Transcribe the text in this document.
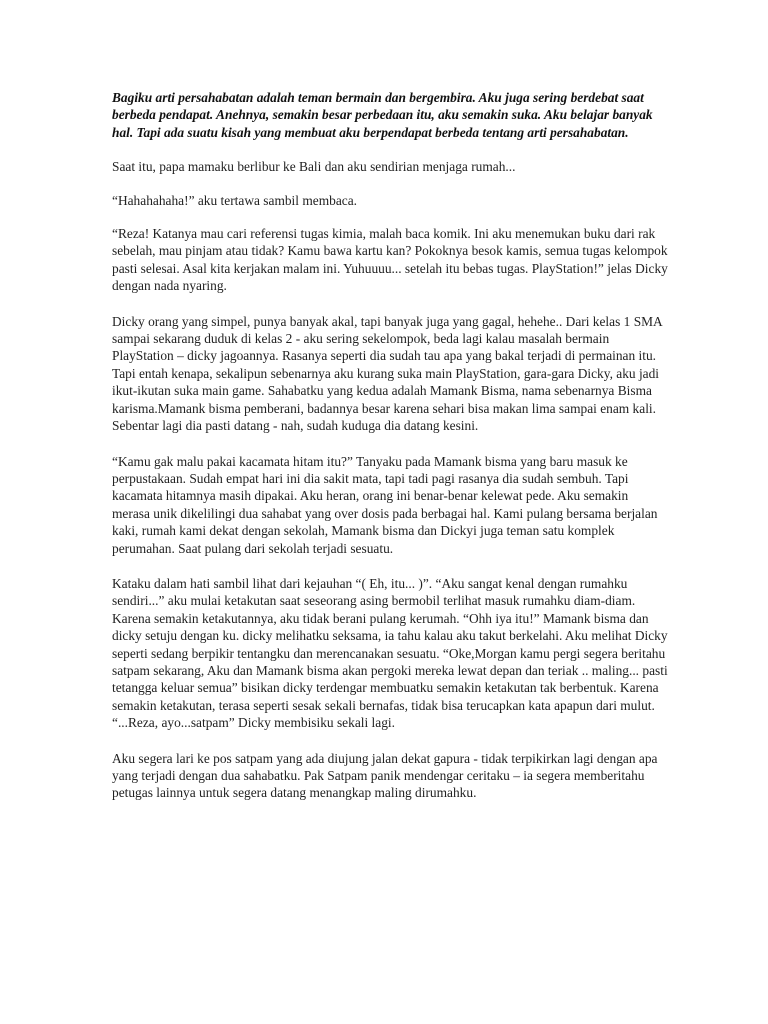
Bagiku arti persahabatan adalah teman bermain dan bergembira. Aku juga sering berdebat saat berbeda pendapat. Anehnya, semakin besar perbedaan itu, aku semakin suka. Aku belajar banyak hal. Tapi ada suatu kisah yang membuat aku berpendapat berbeda tentang arti persahabatan.

Saat itu, papa mamaku berlibur ke Bali dan aku sendirian menjaga rumah...

“Hahahahaha!” aku tertawa sambil membaca.

“Reza! Katanya mau cari referensi tugas kimia, malah baca komik. Ini aku menemukan buku dari rak sebelah, mau pinjam atau tidak? Kamu bawa kartu kan? Pokoknya besok kamis, semua tugas kelompok pasti selesai. Asal kita kerjakan malam ini. Yuhuuuu... setelah itu bebas tugas. PlayStation!” jelas Dicky dengan nada nyaring.

Dicky orang yang simpel, punya banyak akal, tapi banyak juga yang gagal, hehehe.. Dari kelas 1 SMA sampai sekarang duduk di kelas 2 - aku sering sekelompok, beda lagi kalau masalah bermain PlayStation – dicky jagoannya. Rasanya seperti dia sudah tau apa yang bakal terjadi di permainan itu. Tapi entah kenapa, sekalipun sebenarnya aku kurang suka main PlayStation, gara-gara Dicky, aku jadi ikut-ikutan suka main game. Sahabatku yang kedua adalah Mamank Bisma, nama sebenarnya Bisma karisma.Mamank bisma pemberani, badannya besar karena sehari bisa makan lima sampai enam kali. Sebentar lagi dia pasti datang - nah, sudah kuduga dia datang kesini.

“Kamu gak malu pakai kacamata hitam itu?” Tanyaku pada Mamank bisma yang baru masuk ke perpustakaan. Sudah empat hari ini dia sakit mata, tapi tadi pagi rasanya dia sudah sembuh. Tapi kacamata hitamnya masih dipakai. Aku heran, orang ini benar-benar kelewat pede. Aku semakin merasa unik dikelilingi dua sahabat yang over dosis pada berbagai hal. Kami pulang bersama berjalan kaki, rumah kami dekat dengan sekolah, Mamank bisma dan Dickyi juga teman satu komplek perumahan. Saat pulang dari sekolah terjadi sesuatu.

Kataku dalam hati sambil lihat dari kejauhan “( Eh, itu... )”. “Aku sangat kenal dengan rumahku sendiri...” aku mulai ketakutan saat seseorang asing bermobil terlihat masuk rumahku diam-diam. Karena semakin ketakutannya, aku tidak berani pulang kerumah. “Ohh iya itu!” Mamank bisma dan dicky setuju dengan ku. dicky melihatku seksama, ia tahu kalau aku takut berkelahi. Aku melihat Dicky seperti sedang berpikir tentangku dan merencanakan sesuatu. “Oke,Morgan kamu pergi segera beritahu satpam sekarang, Aku dan Mamank bisma akan pergoki mereka lewat depan dan teriak .. maling... pasti tetangga keluar semua” bisikan dicky terdengar membuatku semakin ketakutan tak berbentuk. Karena semakin ketakutan, terasa seperti sesak sekali bernafas, tidak bisa terucapkan kata apapun dari mulut. “...Reza, ayo...satpam” Dicky membisiku sekali lagi.

Aku segera lari ke pos satpam yang ada diujung jalan dekat gapura - tidak terpikirkan lagi dengan apa yang terjadi dengan dua sahabatku. Pak Satpam panik mendengar ceritaku – ia segera memberitahu petugas lainnya untuk segera datang menangkap maling dirumahku.
